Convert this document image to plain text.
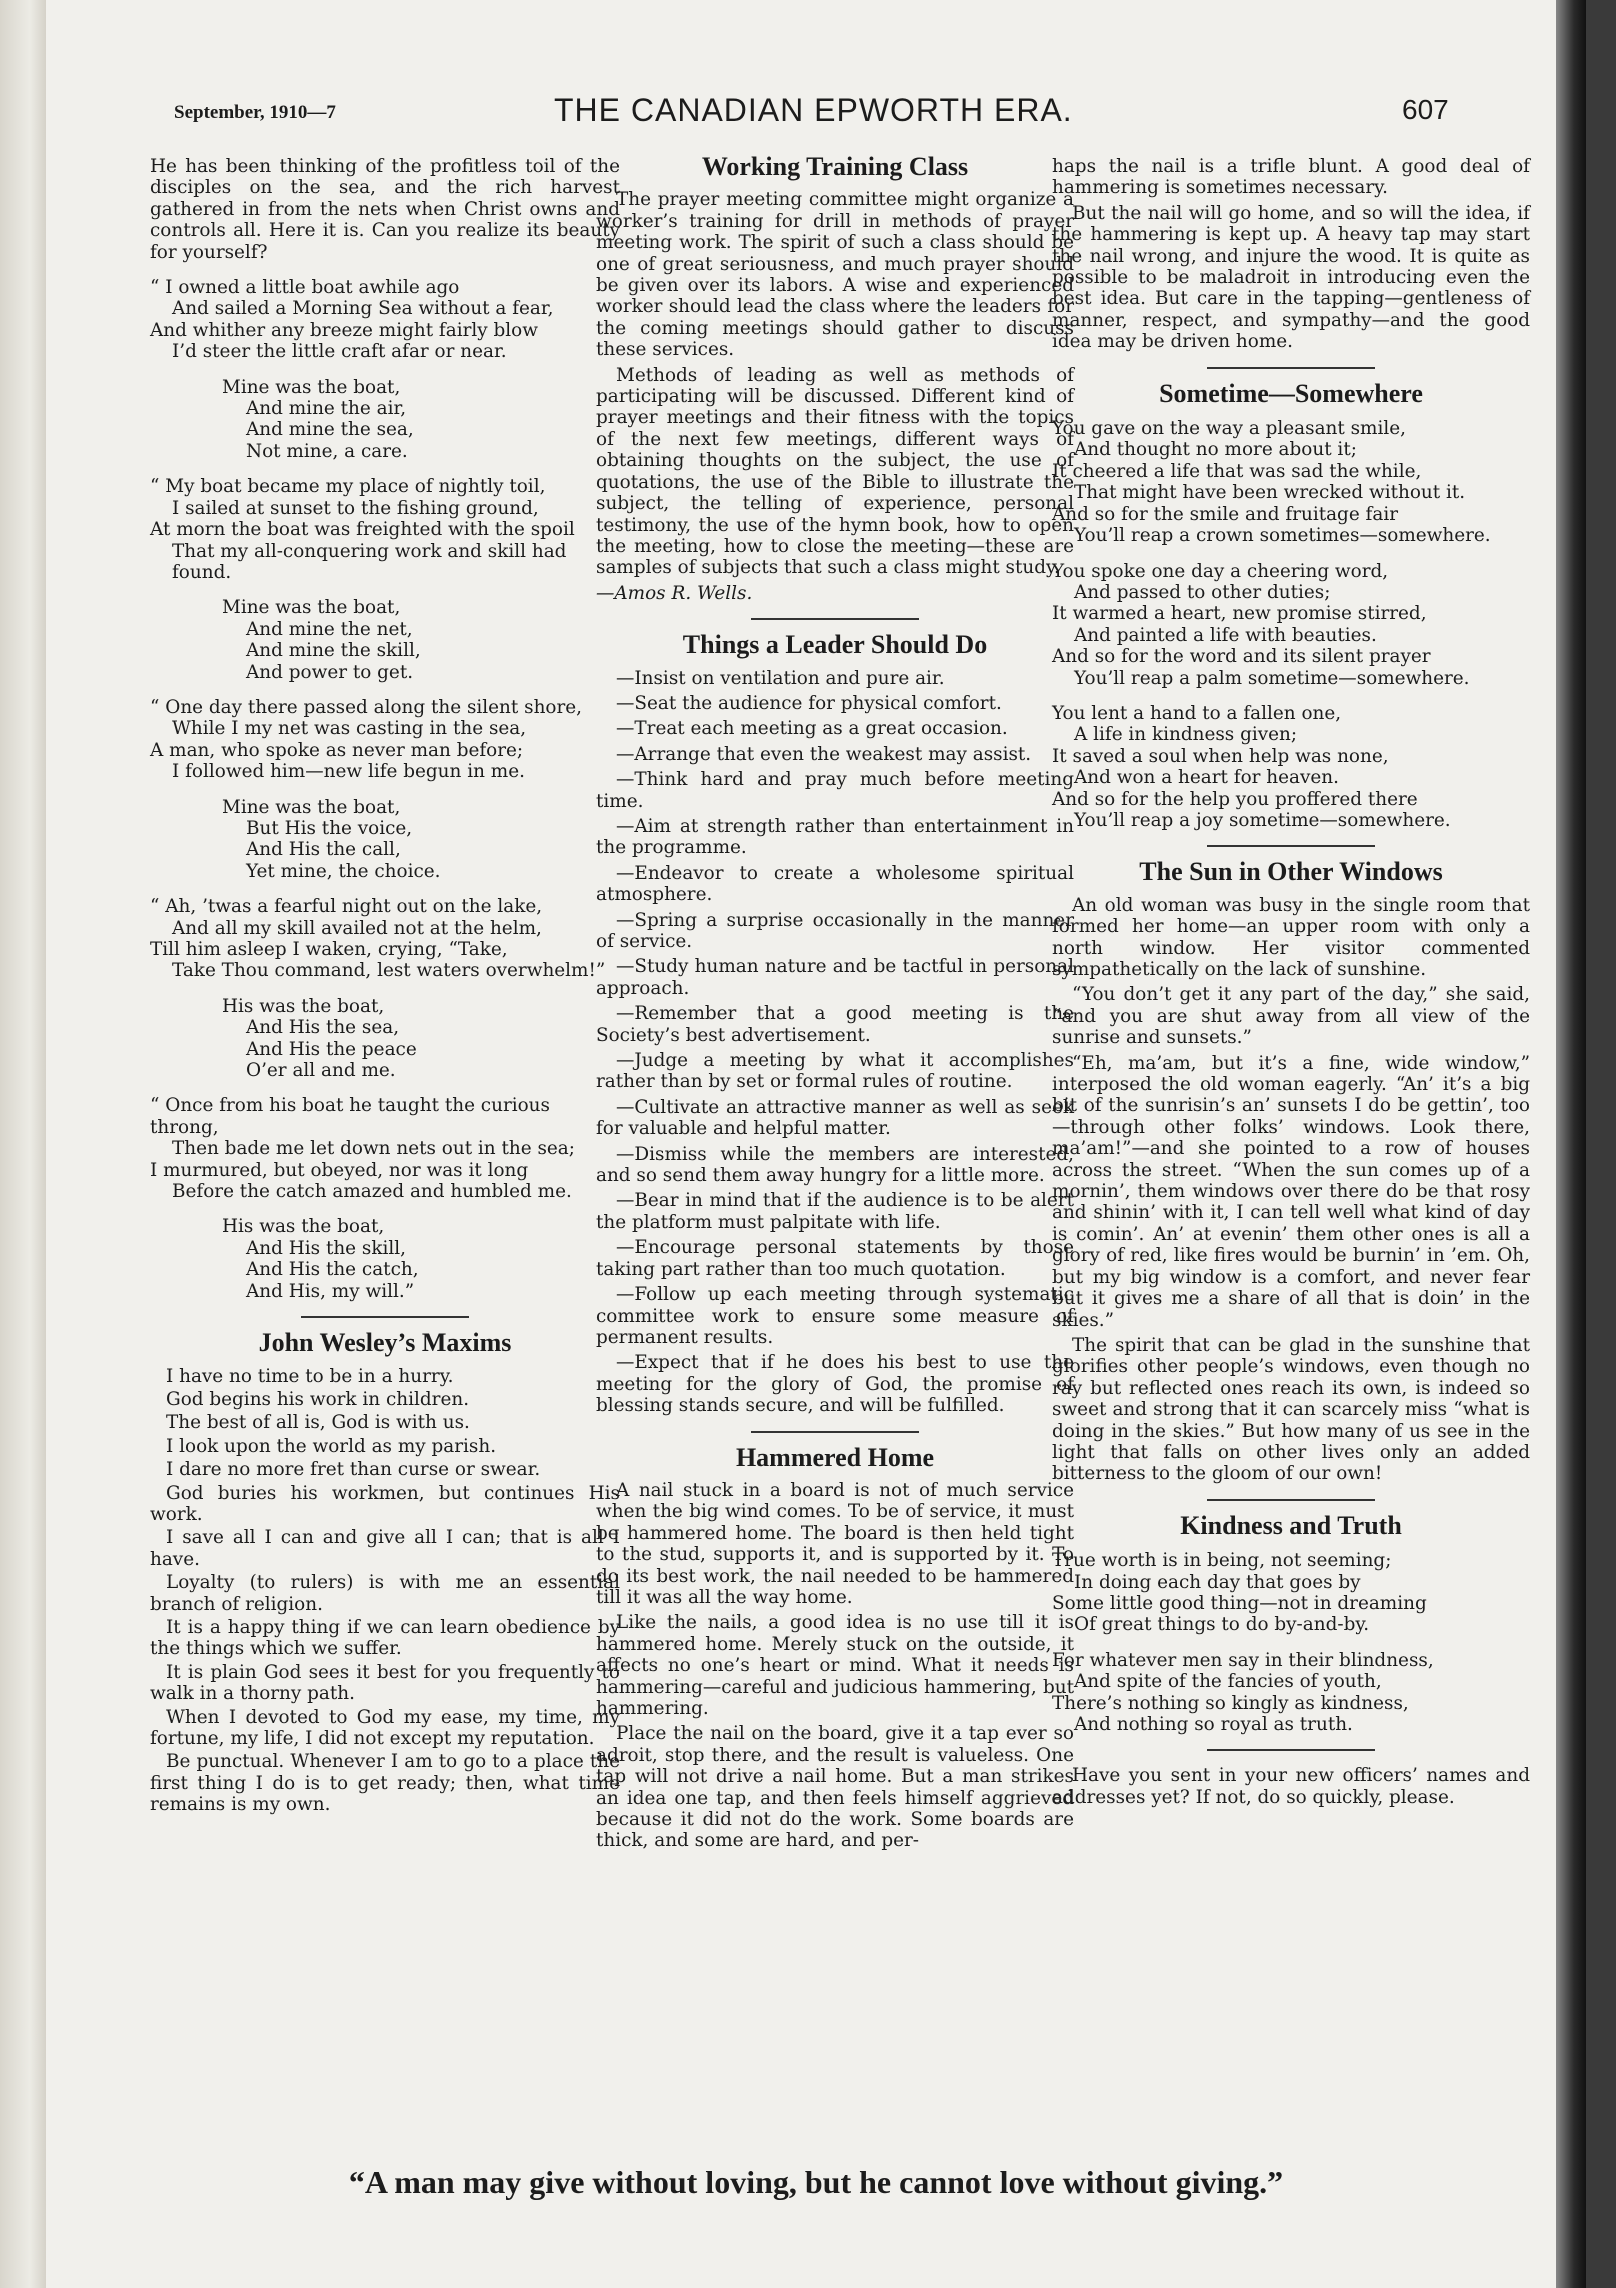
September, 1910—7	THE CANADIAN EPWORTH ERA.	607

He has been thinking of the profitless toil of the disciples on the sea, and the rich harvest gathered in from the nets when Christ owns and controls all. Here it is. Can you realize its beauty for yourself?

“ I owned a little boat awhile ago
And sailed a Morning Sea without a fear,
And whither any breeze might fairly blow
I’d steer the little craft afar or near.
Mine was the boat,
And mine the air,
And mine the sea,
Not mine, a care.
“ My boat became my place of nightly toil,
I sailed at sunset to the fishing ground,
At morn the boat was freighted with the spoil
That my all-conquering work and skill had found.
Mine was the boat,
And mine the net,
And mine the skill,
And power to get.
“ One day there passed along the silent shore,
While I my net was casting in the sea,
A man, who spoke as never man before;
I followed him—new life begun in me.
Mine was the boat,
But His the voice,
And His the call,
Yet mine, the choice.
“ Ah, ’twas a fearful night out on the lake,
And all my skill availed not at the helm,
Till him asleep I waken, crying, “Take,
Take Thou command, lest waters overwhelm!”
His was the boat,
And His the sea,
And His the peace
O’er all and me.
“ Once from his boat he taught the curious throng,
Then bade me let down nets out in the sea;
I murmured, but obeyed, nor was it long
Before the catch amazed and humbled me.
His was the boat,
And His the skill,
And His the catch,
And His, my will.”
John Wesley’s Maxims

I have no time to be in a hurry.

God begins his work in children.

The best of all is, God is with us.

I look upon the world as my parish.

I dare no more fret than curse or swear.

God buries his workmen, but continues His work.

I save all I can and give all I can; that is all I have.

Loyalty (to rulers) is with me an essential branch of religion.

It is a happy thing if we can learn obedience by the things which we suffer.

It is plain God sees it best for you frequently to walk in a thorny path.

When I devoted to God my ease, my time, my fortune, my life, I did not except my reputation.

Be punctual. Whenever I am to go to a place the first thing I do is to get ready; then, what time remains is my own.

Working Training Class

The prayer meeting committee might organize a worker’s training for drill in methods of prayer meeting work. The spirit of such a class should be one of great seriousness, and much prayer should be given over its labors. A wise and experienced worker should lead the class where the leaders for the coming meetings should gather to discuss these services.

Methods of leading as well as methods of participating will be discussed. Different kind of prayer meetings and their fitness with the topics of the next few meetings, different ways of obtaining thoughts on the subject, the use of quotations, the use of the Bible to illustrate the subject, the telling of experience, personal testimony, the use of the hymn book, how to open the meeting, how to close the meeting—these are samples of subjects that such a class might study.

—Amos R. Wells.

Things a Leader Should Do

—Insist on ventilation and pure air.

—Seat the audience for physical comfort.

—Treat each meeting as a great occasion.

—Arrange that even the weakest may assist.

—Think hard and pray much before meeting time.

—Aim at strength rather than entertainment in the programme.

—Endeavor to create a wholesome spiritual atmosphere.

—Spring a surprise occasionally in the manner of service.

—Study human nature and be tactful in personal approach.

—Remember that a good meeting is the Society’s best advertisement.

—Judge a meeting by what it accomplishes rather than by set or formal rules of routine.

—Cultivate an attractive manner as well as seek for valuable and helpful matter.

—Dismiss while the members are interested, and so send them away hungry for a little more.

—Bear in mind that if the audience is to be alert the platform must palpitate with life.

—Encourage personal statements by those taking part rather than too much quotation.

—Follow up each meeting through systematic committee work to ensure some measure of permanent results.

—Expect that if he does his best to use the meeting for the glory of God, the promise of blessing stands secure, and will be fulfilled.

Hammered Home

A nail stuck in a board is not of much service when the big wind comes. To be of service, it must be hammered home. The board is then held tight to the stud, supports it, and is supported by it. To do its best work, the nail needed to be hammered till it was all the way home.

Like the nails, a good idea is no use till it is hammered home. Merely stuck on the outside, it affects no one’s heart or mind. What it needs is hammering—careful and judicious hammering, but hammering.

Place the nail on the board, give it a tap ever so adroit, stop there, and the result is valueless. One tap will not drive a nail home. But a man strikes an idea one tap, and then feels himself aggrieved because it did not do the work. Some boards are thick, and some are hard, and per-

haps the nail is a trifle blunt. A good deal of hammering is sometimes necessary.

But the nail will go home, and so will the idea, if the hammering is kept up. A heavy tap may start the nail wrong, and injure the wood. It is quite as possible to be maladroit in introducing even the best idea. But care in the tapping—gentleness of manner, respect, and sympathy—and the good idea may be driven home.

Sometime—Somewhere
You gave on the way a pleasant smile,
And thought no more about it;
It cheered a life that was sad the while,
That might have been wrecked without it.
And so for the smile and fruitage fair
You’ll reap a crown sometimes—somewhere.
You spoke one day a cheering word,
And passed to other duties;
It warmed a heart, new promise stirred,
And painted a life with beauties.
And so for the word and its silent prayer
You’ll reap a palm sometime—somewhere.
You lent a hand to a fallen one,
A life in kindness given;
It saved a soul when help was none,
And won a heart for heaven.
And so for the help you proffered there
You’ll reap a joy sometime—somewhere.
The Sun in Other Windows

An old woman was busy in the single room that formed her home—an upper room with only a north window. Her visitor commented sympathetically on the lack of sunshine.

“You don’t get it any part of the day,” she said, “and you are shut away from all view of the sunrise and sunsets.”

“Eh, ma’am, but it’s a fine, wide window,” interposed the old woman eagerly. “An’ it’s a big bit of the sunrisin’s an’ sunsets I do be gettin’, too—through other folks’ windows. Look there, ma’am!”—and she pointed to a row of houses across the street. “When the sun comes up of a mornin’, them windows over there do be that rosy and shinin’ with it, I can tell well what kind of day is comin’. An’ at evenin’ them other ones is all a glory of red, like fires would be burnin’ in ’em. Oh, but my big window is a comfort, and never fear but it gives me a share of all that is doin’ in the skies.”

The spirit that can be glad in the sunshine that glorifies other people’s windows, even though no ray but reflected ones reach its own, is indeed so sweet and strong that it can scarcely miss “what is doing in the skies.” But how many of us see in the light that falls on other lives only an added bitterness to the gloom of our own!

Kindness and Truth
True worth is in being, not seeming;
In doing each day that goes by
Some little good thing—not in dreaming
Of great things to do by-and-by.
For whatever men say in their blindness,
And spite of the fancies of youth,
There’s nothing so kingly as kindness,
And nothing so royal as truth.

Have you sent in your new officers’ names and addresses yet? If not, do so quickly, please.

“A man may give without loving, but he cannot love without giving.”
